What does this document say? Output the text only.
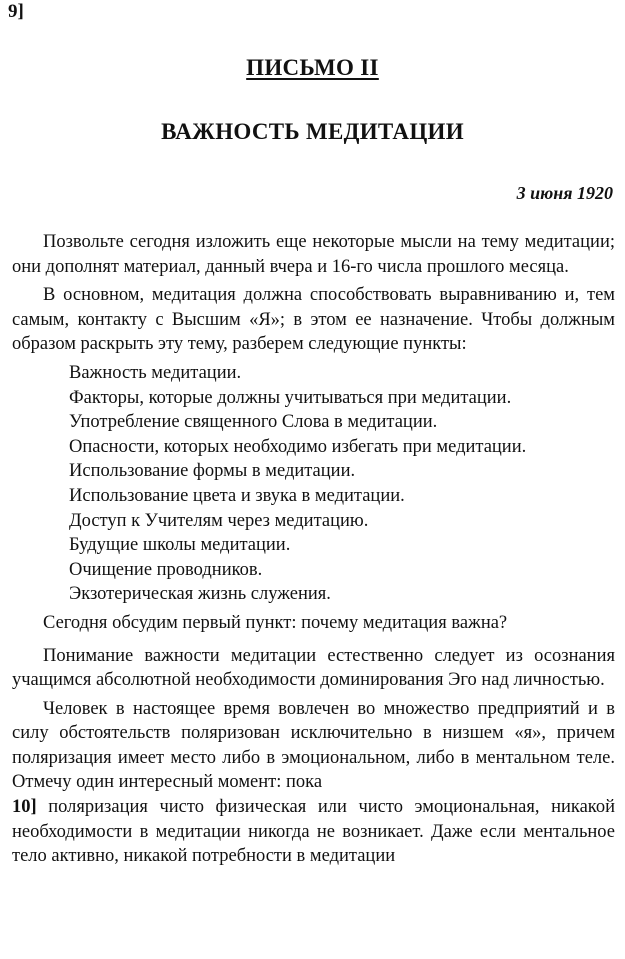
9]
ПИСЬМО II
ВАЖНОСТЬ МЕДИТАЦИИ
3 июня 1920

Позвольте сегодня изложить еще некоторые мысли на тему медитации; они дополнят материал, данный вчера и 16-го числа прошлого месяца.

В основном, медитация должна способствовать выравниванию и, тем самым, контакту с Высшим «Я»; в этом ее назначение. Чтобы должным образом раскрыть эту тему, разберем следующие пункты:

Важность медитации.
Факторы, которые должны учитываться при медитации.
Употребление священного Слова в медитации.
Опасности, которых необходимо избегать при медитации.
Использование формы в медитации.
Использование цвета и звука в медитации.
Доступ к Учителям через медитацию.
Будущие школы медитации.
Очищение проводников.
Экзотерическая жизнь служения.

Сегодня обсудим первый пункт: почему медитация важна?

Понимание важности медитации естественно следует из осознания учащимся абсолютной необходимости доминирования Эго над личностью.

Человек в настоящее время вовлечен во множество предприятий и в силу обстоятельств поляризован исключительно в низшем «я», причем поляризация имеет место либо в эмоциональном, либо в ментальном теле. Отмечу один интересный момент: пока

10] поляризация чисто физическая или чисто эмоциональная, никакой необходимости в медитации никогда не возникает. Даже если ментальное тело активно, никакой потребности в медитации
